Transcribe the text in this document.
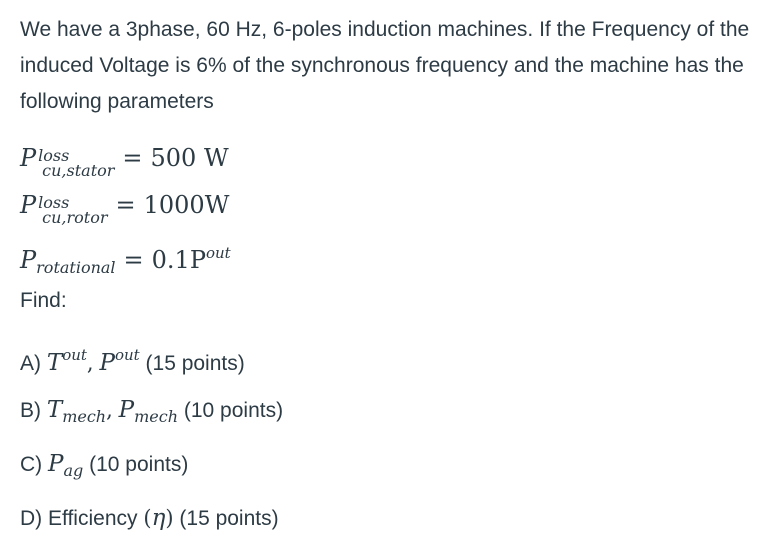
We have a 3phase, 60 Hz, 6-poles induction machines. If the Frequency of the induced Voltage is 6% of the synchronous frequency and the machine has the following parameters
P loss
cu,stator = 500 W
P loss
cu,rotor = 1000W
$P_{rotational} = 0.1P^{out}$
Find:
A) $T^{out}$, $P^{out}$ (15 points)
B) $T_{mech}$, $P_{mech}$ (10 points)
C) $P_{ag}$ (10 points)
D) Efficiency (η) (15 points)
